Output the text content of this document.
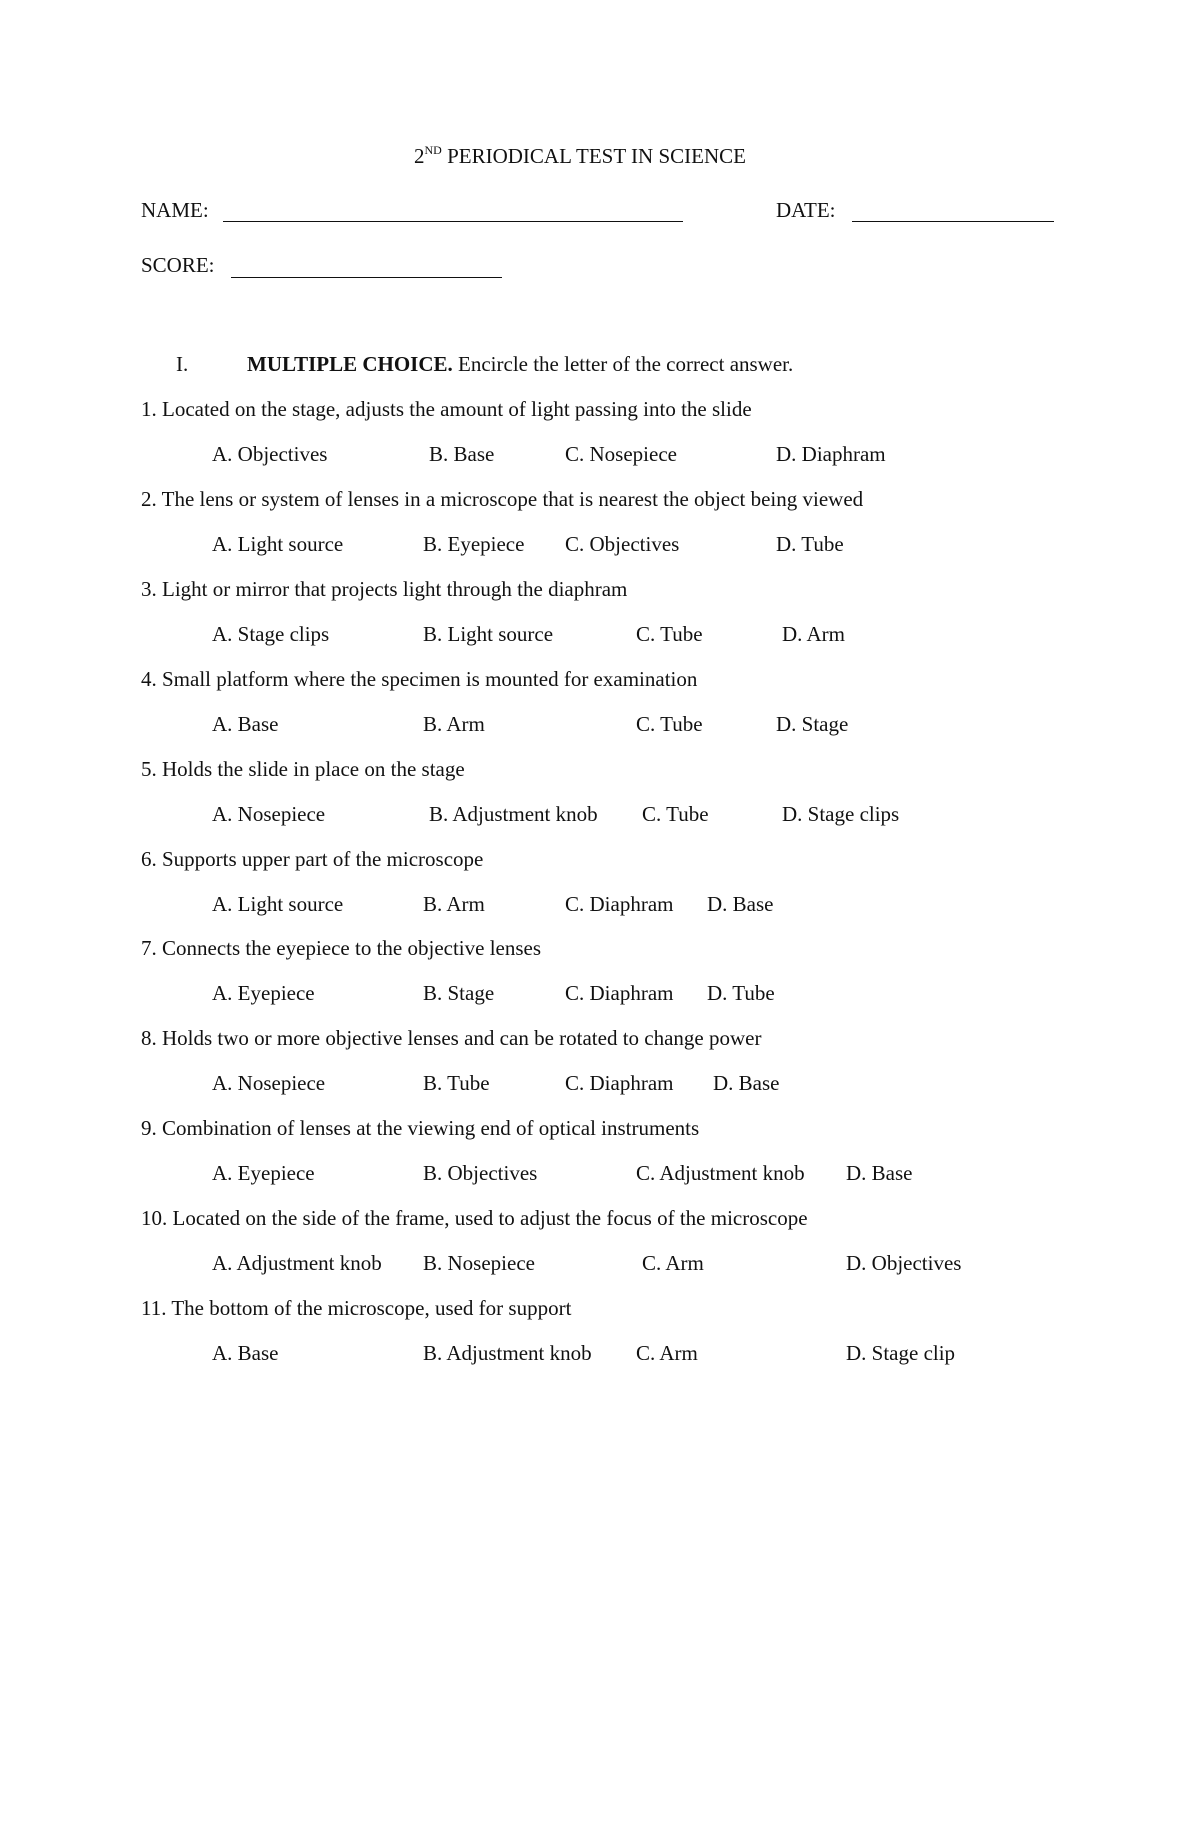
2ND PERIODICAL TEST IN SCIENCE
NAME:	DATE:
SCORE:
I.	MULTIPLE CHOICE. Encircle the letter of the correct answer.
1. Located on the stage, adjusts the amount of light passing into the slide
A. Objectives	B. Base	C. Nosepiece	D. Diaphram
2. The lens or system of lenses in a microscope that is nearest the object being viewed
A. Light source	B. Eyepiece C. Objectives	D. Tube
3. Light or mirror that projects light through the diaphram
A. Stage clips	B. Light source	C. Tube	D. Arm
4. Small platform where the specimen is mounted for examination
A. Base	B. Arm	C. Tube	D. Stage
5. Holds the slide in place on the stage
A. Nosepiece	B. Adjustment knob C. Tube	D. Stage clips
6. Supports upper part of the microscope
A. Light source	B. Arm	C. Diaphram D. Base
7. Connects the eyepiece to the objective lenses
A. Eyepiece	B. Stage	C. Diaphram D. Tube
8. Holds two or more objective lenses and can be rotated to change power
A. Nosepiece	B. Tube	C. Diaphram D. Base
9. Combination of lenses at the viewing end of optical instruments
A. Eyepiece	B. Objectives	C. Adjustment knob D. Base
10. Located on the side of the frame, used to adjust the focus of the microscope
A. Adjustment knob B. Nosepiece	C. Arm	D. Objectives
11. The bottom of the microscope, used for support
A. Base	B. Adjustment knob C. Arm	D. Stage clip
